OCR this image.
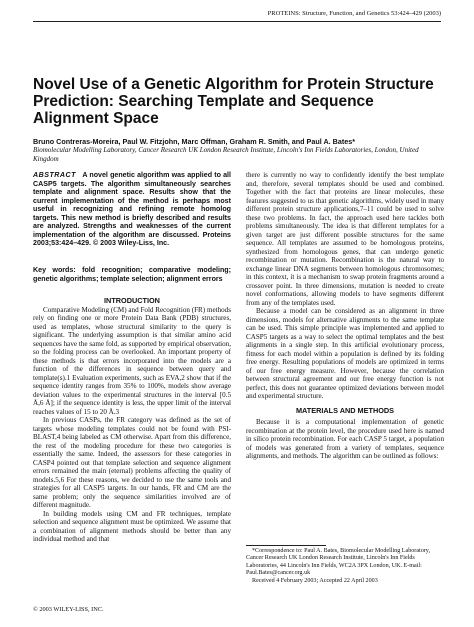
PROTEINS: Structure, Function, and Genetics 53:424–429 (2003)
Novel Use of a Genetic Algorithm for Protein Structure Prediction: Searching Template and Sequence Alignment Space
Bruno Contreras-Moreira, Paul W. Fitzjohn, Marc Offman, Graham R. Smith, and Paul A. Bates*
Biomolecular Modelling Laboratory, Cancer Research UK London Research Institute, Lincoln's Inn Fields Laboratories, London, United Kingdom
ABSTRACT A novel genetic algorithm was applied to all CASP5 targets. The algorithm simultaneously searches template and alignment space. Results show that the current implementation of the method is perhaps most useful in recognizing and refining remote homolog targets. This new method is briefly described and results are analyzed. Strengths and weaknesses of the current implementation of the algorithm are discussed. Proteins 2003;53:424–429. © 2003 Wiley-Liss, Inc.
Key words: fold recognition; comparative modeling; genetic algorithms; template selection; alignment errors
INTRODUCTION

Comparative Modeling (CM) and Fold Recognition (FR) methods rely on finding one or more Protein Data Bank (PDB) structures, used as templates, whose structural similarity to the query is significant. The underlying assumption is that similar amino acid sequences have the same fold, as supported by empirical observation, so the folding process can be overlooked. An important property of these methods is that errors incorporated into the models are a function of the differences in sequence between query and template(s).1 Evaluation experiments, such as EVA,2 show that if the sequence identity ranges from 35% to 100%, models show average deviation values to the experimental structures in the interval [0.5 Å,6 Å]; if the sequence identity is less, the upper limit of the interval reaches values of 15 to 20 Å.3

In previous CASPs, the FR category was defined as the set of targets whose modeling templates could not be found with PSI-BLAST,4 being labeled as CM otherwise. Apart from this difference, the rest of the modeling procedure for these two categories is essentially the same. Indeed, the assessors for these categories in CASP4 pointed out that template selection and sequence alignment errors remained the main (eternal) problems affecting the quality of models.5,6 For these reasons, we decided to use the same tools and strategies for all CASP5 targets. In our hands, FR and CM are the same problem; only the sequence similarities involved are of different magnitude.

In building models using CM and FR techniques, template selection and sequence alignment must be optimized. We assume that a combination of alignment methods should be better than any individual method and that

there is currently no way to confidently identify the best template and, therefore, several templates should be used and combined. Together with the fact that proteins are linear molecules, these features suggested to us that genetic algorithms, widely used in many different protein structure applications,7–11 could be used to solve these two problems. In fact, the approach used here tackles both problems simultaneously. The idea is that different templates for a given target are just different possible structures for the same sequence. All templates are assumed to be homologous proteins, synthesized from homologous genes, that can undergo genetic recombination or mutation. Recombination is the natural way to exchange linear DNA segments between homologous chromosomes; in this context, it is a mechanism to swap protein fragments around a crossover point. In three dimensions, mutation is needed to create novel conformations, allowing models to have segments different from any of the templates used.

Because a model can be considered as an alignment in three dimensions, models for alternative alignments to the same template can be used. This simple principle was implemented and applied to CASP5 targets as a way to select the optimal templates and the best alignments in a single step. In this artificial evolutionary process, fitness for each model within a population is defined by its folding free energy. Resulting populations of models are optimized in terms of our free energy measure. However, because the correlation between structural agreement and our free energy function is not perfect, this does not guarantee optimized deviations between model and experimental structure.

MATERIALS AND METHODS

Because it is a computational implementation of genetic recombination at the protein level, the procedure used here is named in silico protein recombination. For each CASP 5 target, a population of models was generated from a variety of templates, sequence alignments, and methods. The algorithm can be outlined as follows:

*Correspondence to: Paul A. Bates, Biomolecular Modelling Laboratory, Cancer Research UK London Research Institute, Lincoln's Inn Fields Laboratories, 44 Lincoln's Inn Fields, WC2A 3PX London, UK. E-mail: Paul.Bates@cancer.org.uk

Received 4 February 2003; Accepted 22 April 2003

© 2003 WILEY-LISS, INC.
